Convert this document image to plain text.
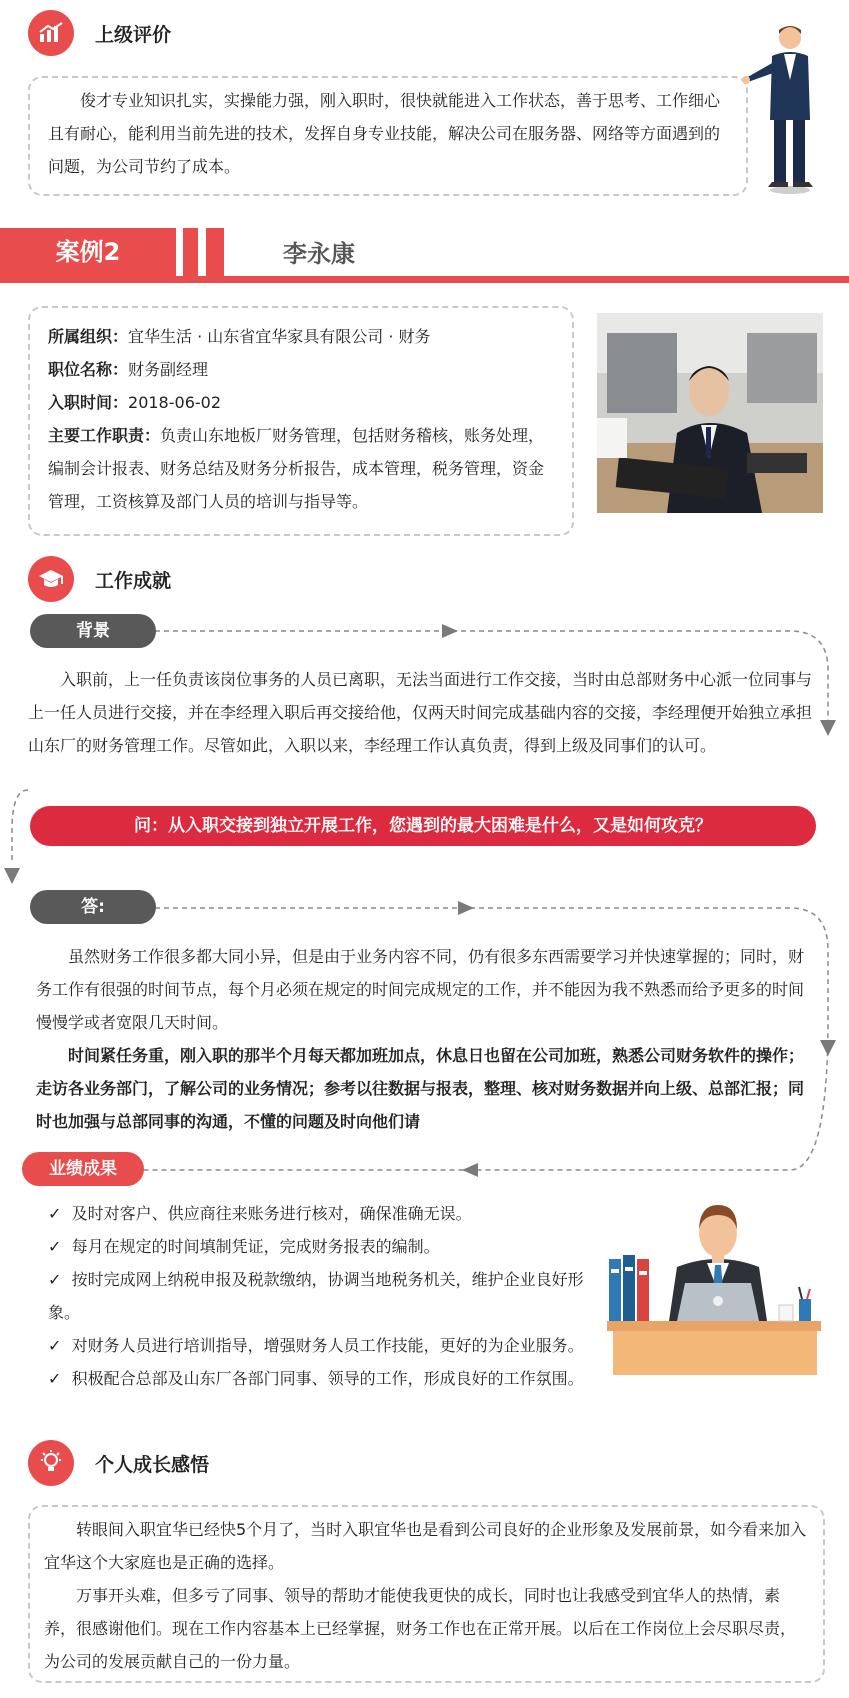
上级评价

俊才专业知识扎实，实操能力强，刚入职时，很快就能进入工作状态，善于思考、工作细心且有耐心，能利用当前先进的技术，发挥自身专业技能，解决公司在服务器、网络等方面遇到的问题，为公司节约了成本。

案例2	李永康

所属组织：宜华生活 · 山东省宜华家具有限公司 · 财务

职位名称：财务副经理

入职时间：2018-06-02

主要工作职责：负责山东地板厂财务管理，包括财务稽核，账务处理，编制会计报表、财务总结及财务分析报告，成本管理，税务管理，资金管理，工资核算及部门人员的培训与指导等。

工作成就
背景

入职前，上一任负责该岗位事务的人员已离职，无法当面进行工作交接，当时由总部财务中心派一位同事与上一任人员进行交接，并在李经理入职后再交接给他，仅两天时间完成基础内容的交接，李经理便开始独立承担山东厂的财务管理工作。尽管如此，入职以来，李经理工作认真负责，得到上级及同事们的认可。

问：从入职交接到独立开展工作，您遇到的最大困难是什么，又是如何攻克？
答:

虽然财务工作很多都大同小异，但是由于业务内容不同，仍有很多东西需要学习并快速掌握的；同时，财务工作有很强的时间节点，每个月必须在规定的时间完成规定的工作，并不能因为我不熟悉而给予更多的时间慢慢学或者宽限几天时间。

时间紧任务重，刚入职的那半个月每天都加班加点，休息日也留在公司加班，熟悉公司财务软件的操作；走访各业务部门，了解公司的业务情况；参考以往数据与报表，整理、核对财务数据并向上级、总部汇报；同时也加强与总部同事的沟通，不懂的问题及时向他们请

业绩成果
✓  及时对客户、供应商往来账务进行核对，确保准确无误。
✓  每月在规定的时间填制凭证，完成财务报表的编制。
✓  按时完成网上纳税申报及税款缴纳，协调当地税务机关，维护企业良好形象。
✓  对财务人员进行培训指导，增强财务人员工作技能，更好的为企业服务。
✓  积极配合总部及山东厂各部门同事、领导的工作，形成良好的工作氛围。
个人成长感悟

转眼间入职宜华已经快5个月了，当时入职宜华也是看到公司良好的企业形象及发展前景，如今看来加入宜华这个大家庭也是正确的选择。

万事开头难，但多亏了同事、领导的帮助才能使我更快的成长，同时也让我感受到宜华人的热情，素养，很感谢他们。现在工作内容基本上已经掌握，财务工作也在正常开展。以后在工作岗位上会尽职尽责，为公司的发展贡献自己的一份力量。
